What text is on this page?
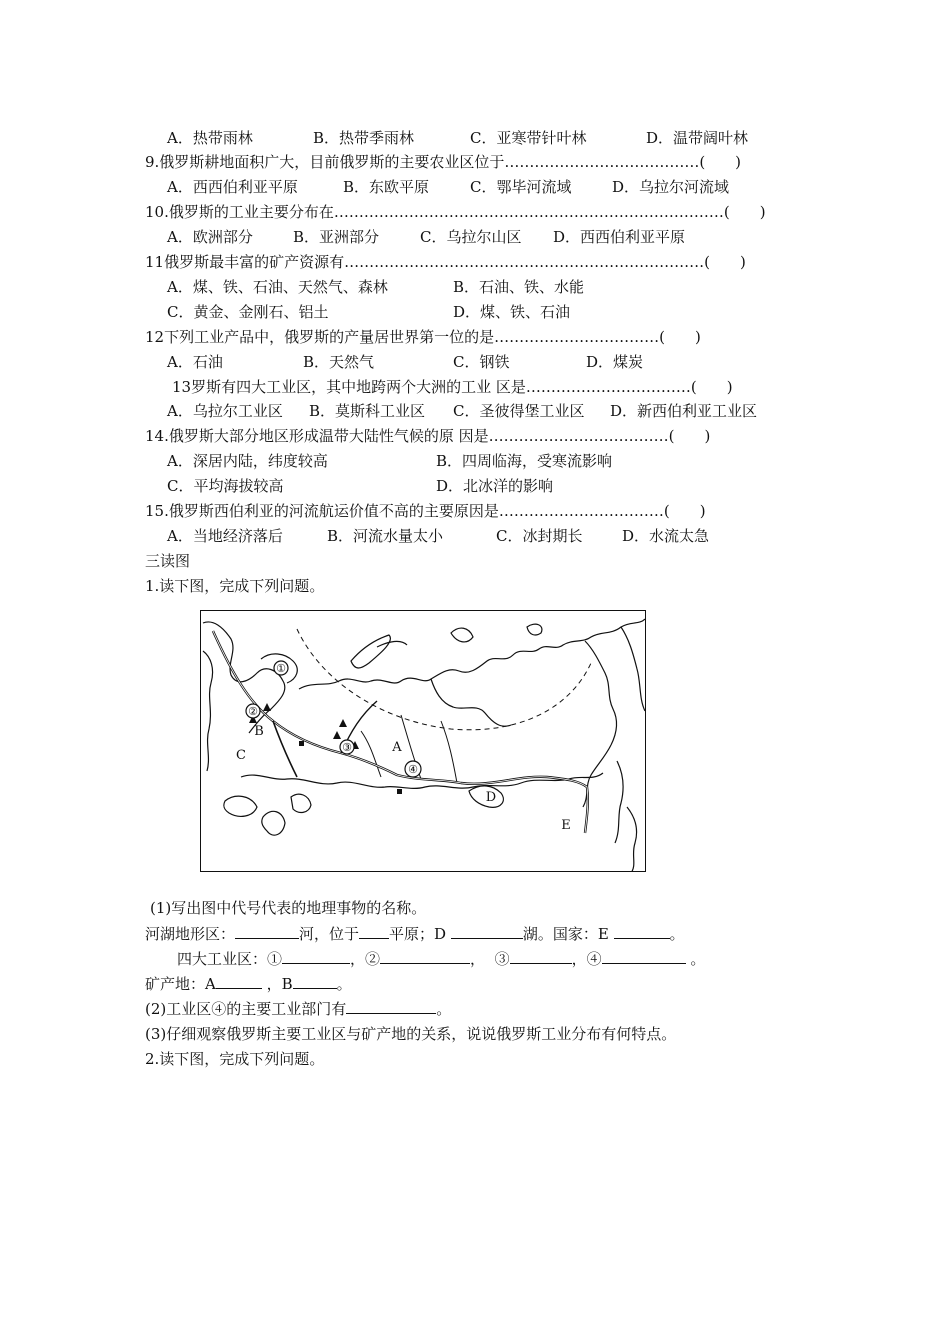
A．热带雨林	B．热带季雨林	C．亚寒带针叶林	D．温带阔叶林
9.俄罗斯耕地面积广大，目前俄罗斯的主要农业区位于…………………………………(　　)
A．西西伯利亚平原	B．东欧平原	C．鄂毕河流域	D．乌拉尔河流域
10.俄罗斯的工业主要分布在……………………………………………………………………(　　)
A．欧洲部分	B．亚洲部分	C．乌拉尔山区 D．西西伯利亚平原
11俄罗斯最丰富的矿产资源有………………………………………………………………(　　)
A．煤、铁、石油、天然气、森林	B．石油、铁、水能
C．黄金、金刚石、铝土	D．煤、铁、石油
12下列工业产品中，俄罗斯的产量居世界第一位的是……………………………(　　)
A．石油	B．天然气	C．钢铁	D．煤炭
13罗斯有四大工业区，其中地跨两个大洲的工业 区是……………………………(　　)
A．乌拉尔工业区 B．莫斯科工业区 C．圣彼得堡工业区 D．新西伯利亚工业区
14.俄罗斯大部分地区形成温带大陆性气候的原 因是………………………………(　　)
A．深居内陆，纬度较高	B．四周临海，受寒流影响
C．平均海拔较高	D．北冰洋的影响
15.俄罗斯西伯利亚的河流航运价值不高的主要原因是……………………………(　　)
A．当地经济落后	B．河流水量太小	C．冰封期长	D．水流太急
三读图
1.读下图，完成下列问题。
①
②
③
④
A
B
C
D
E
(1)写出图中代号代表的地理事物的名称。
河湖地形区：	河，位于 平原；D	湖。国家：E	。
四大工业区：①	，②	，  ③	，④	。
矿产地：A	，B	。
(2)工业区④的主要工业部门有	。
(3)仔细观察俄罗斯主要工业区与矿产地的关系，说说俄罗斯工业分布有何特点。
2.读下图，完成下列问题。
